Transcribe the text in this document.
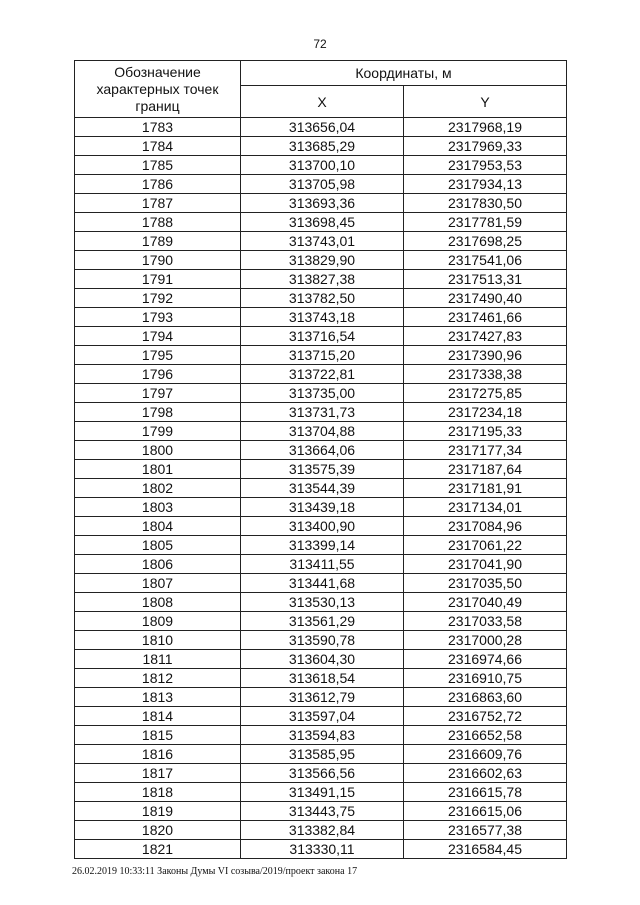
72
Обозначение характерных точек границ	Координаты, м	
	X	Y
1783	313656,04	2317968,19
1784	313685,29	2317969,33
1785	313700,10	2317953,53
1786	313705,98	2317934,13
1787	313693,36	2317830,50
1788	313698,45	2317781,59
1789	313743,01	2317698,25
1790	313829,90	2317541,06
1791	313827,38	2317513,31
1792	313782,50	2317490,40
1793	313743,18	2317461,66
1794	313716,54	2317427,83
1795	313715,20	2317390,96
1796	313722,81	2317338,38
1797	313735,00	2317275,85
1798	313731,73	2317234,18
1799	313704,88	2317195,33
1800	313664,06	2317177,34
1801	313575,39	2317187,64
1802	313544,39	2317181,91
1803	313439,18	2317134,01
1804	313400,90	2317084,96
1805	313399,14	2317061,22
1806	313411,55	2317041,90
1807	313441,68	2317035,50
1808	313530,13	2317040,49
1809	313561,29	2317033,58
1810	313590,78	2317000,28
1811	313604,30	2316974,66
1812	313618,54	2316910,75
1813	313612,79	2316863,60
1814	313597,04	2316752,72
1815	313594,83	2316652,58
1816	313585,95	2316609,76
1817	313566,56	2316602,63
1818	313491,15	2316615,78
1819	313443,75	2316615,06
1820	313382,84	2316577,38
1821	313330,11	2316584,45
26.02.2019 10:33:11 Законы Думы VI созыва/2019/проект закона 17
